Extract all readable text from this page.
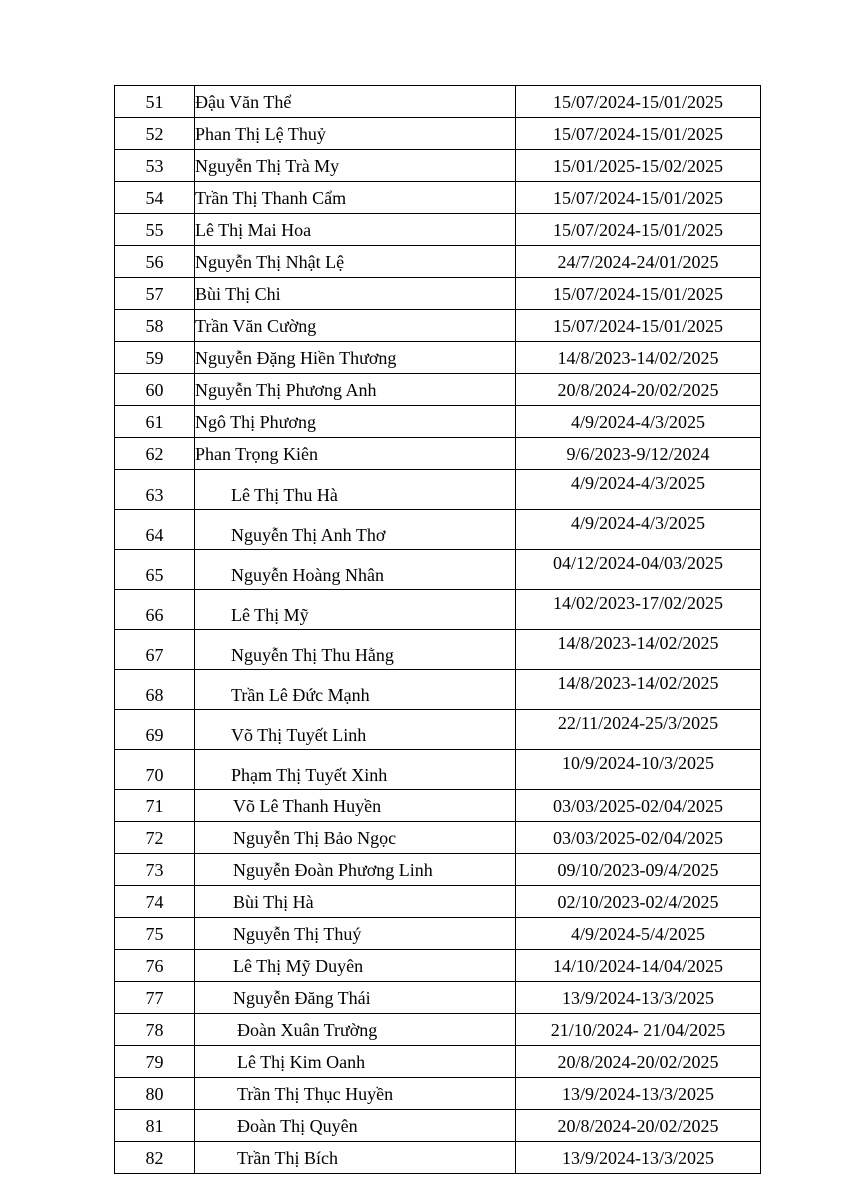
51	Đậu Văn Thể	15/07/2024-15/01/2025
52	Phan Thị Lệ Thuỷ	15/07/2024-15/01/2025
53	Nguyễn Thị Trà My	15/01/2025-15/02/2025
54	Trần Thị Thanh Cẩm	15/07/2024-15/01/2025
55	Lê Thị Mai Hoa	15/07/2024-15/01/2025
56	Nguyễn Thị Nhật Lệ	24/7/2024-24/01/2025
57	Bùi Thị Chi	15/07/2024-15/01/2025
58	Trần Văn Cường	15/07/2024-15/01/2025
59	Nguyễn Đặng Hiền Thương	14/8/2023-14/02/2025
60	Nguyễn Thị Phương Anh	20/8/2024-20/02/2025
61	Ngô Thị Phương	4/9/2024-4/3/2025
62	Phan Trọng Kiên	9/6/2023-9/12/2024
63	Lê Thị Thu Hà	4/9/2024-4/3/2025
64	Nguyễn Thị Anh Thơ	4/9/2024-4/3/2025
65	Nguyễn Hoàng Nhân	04/12/2024-04/03/2025
66	Lê Thị Mỹ	14/02/2023-17/02/2025
67	Nguyễn Thị Thu Hằng	14/8/2023-14/02/2025
68	Trần Lê Đức Mạnh	14/8/2023-14/02/2025
69	Võ Thị Tuyết Linh	22/11/2024-25/3/2025
70	Phạm Thị Tuyết Xinh	10/9/2024-10/3/2025
71	Võ Lê Thanh Huyền	03/03/2025-02/04/2025
72	Nguyễn Thị Bảo Ngọc	03/03/2025-02/04/2025
73	Nguyễn Đoàn Phương Linh	09/10/2023-09/4/2025
74	Bùi Thị Hà	02/10/2023-02/4/2025
75	Nguyễn Thị Thuý	4/9/2024-5/4/2025
76	Lê Thị Mỹ Duyên	14/10/2024-14/04/2025
77	Nguyễn Đăng Thái	13/9/2024-13/3/2025
78	Đoàn Xuân Trường	21/10/2024- 21/04/2025
79	Lê Thị Kim Oanh	20/8/2024-20/02/2025
80	Trần Thị Thục Huyền	13/9/2024-13/3/2025
81	Đoàn Thị Quyên	20/8/2024-20/02/2025
82	Trần Thị Bích	13/9/2024-13/3/2025
